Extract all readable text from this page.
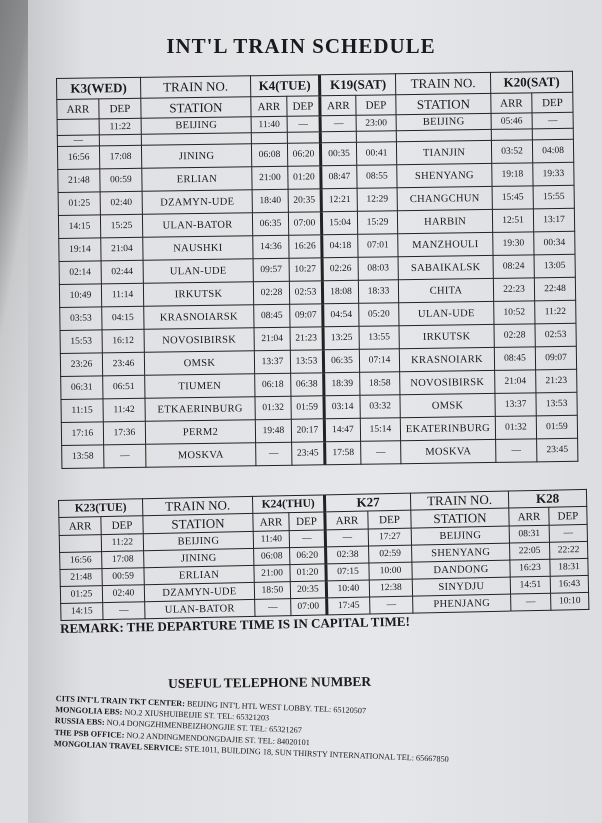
INT'L TRAIN SCHEDULE
K3(WED)		TRAIN NO.	K4(TUE)		K19(SAT)		TRAIN NO.	K20(SAT)	
ARR	DEP	STATION	ARR	DEP	ARR	DEP	STATION	ARR	DEP
	11:22	BEIJING	11:40	—	—	23:00	BEIJING	05:46	—
—									
16:56	17:08	JINING	06:08	06:20	00:35	00:41	TIANJIN	03:52	04:08
21:48	00:59	ERLIAN	21:00	01:20	08:47	08:55	SHENYANG	19:18	19:33
01:25	02:40	DZAMYN-UDE	18:40	20:35	12:21	12:29	CHANGCHUN	15:45	15:55
14:15	15:25	ULAN-BATOR	06:35	07:00	15:04	15:29	HARBIN	12:51	13:17
19:14	21:04	NAUSHKI	14:36	16:26	04:18	07:01	MANZHOULI	19:30	00:34
02:14	02:44	ULAN-UDE	09:57	10:27	02:26	08:03	SABAIKALSK	08:24	13:05
10:49	11:14	IRKUTSK	02:28	02:53	18:08	18:33	CHITA	22:23	22:48
03:53	04:15	KRASNOIARSK	08:45	09:07	04:54	05:20	ULAN-UDE	10:52	11:22
15:53	16:12	NOVOSIBIRSK	21:04	21:23	13:25	13:55	IRKUTSK	02:28	02:53
23:26	23:46	OMSK	13:37	13:53	06:35	07:14	KRASNOIARK	08:45	09:07
06:31	06:51	TIUMEN	06:18	06:38	18:39	18:58	NOVOSIBIRSK	21:04	21:23
11:15	11:42	ETKAERINBURG	01:32	01:59	03:14	03:32	OMSK	13:37	13:53
17:16	17:36	PERM2	19:48	20:17	14:47	15:14	EKATERINBURG	01:32	01:59
13:58	—	MOSKVA	—	23:45	17:58	—	MOSKVA	—	23:45
K23(TUE)		TRAIN NO.	K24(THU)		K27		TRAIN NO.	K28	
ARR	DEP	STATION	ARR	DEP	ARR	DEP	STATION	ARR	DEP
	11:22	BEIJING	11:40	—	—	17:27	BEIJING	08:31	—
16:56	17:08	JINING	06:08	06:20	02:38	02:59	SHENYANG	22:05	22:22
21:48	00:59	ERLIAN	21:00	01:20	07:15	10:00	DANDONG	16:23	18:31
01:25	02:40	DZAMYN-UDE	18:50	20:35	10:40	12:38	SINYDJU	14:51	16:43
14:15	—	ULAN-BATOR	—	07:00	17:45	—	PHENJANG	—	10:10
REMARK: THE DEPARTURE TIME IS IN CAPITAL TIME!
USEFUL TELEPHONE NUMBER
CITS INT'L TRAIN TKT CENTER: BEIJING INT'L HTL WEST LOBBY. TEL: 65120507
MONGOLIA EBS: NO.2 XIUSHUIBEIJIE ST. TEL: 65321203
RUSSIA EBS: NO.4 DONGZHIMENBEIZHONGJIE ST. TEL: 65321267
THE PSB OFFICE: NO.2 ANDINGMENDONGDAJIE ST. TEL: 84020101
MONGOLIAN TRAVEL SERVICE: STE.1011, BUILDING 18, SUN THIRSTY INTERNATIONAL TEL: 65667850
